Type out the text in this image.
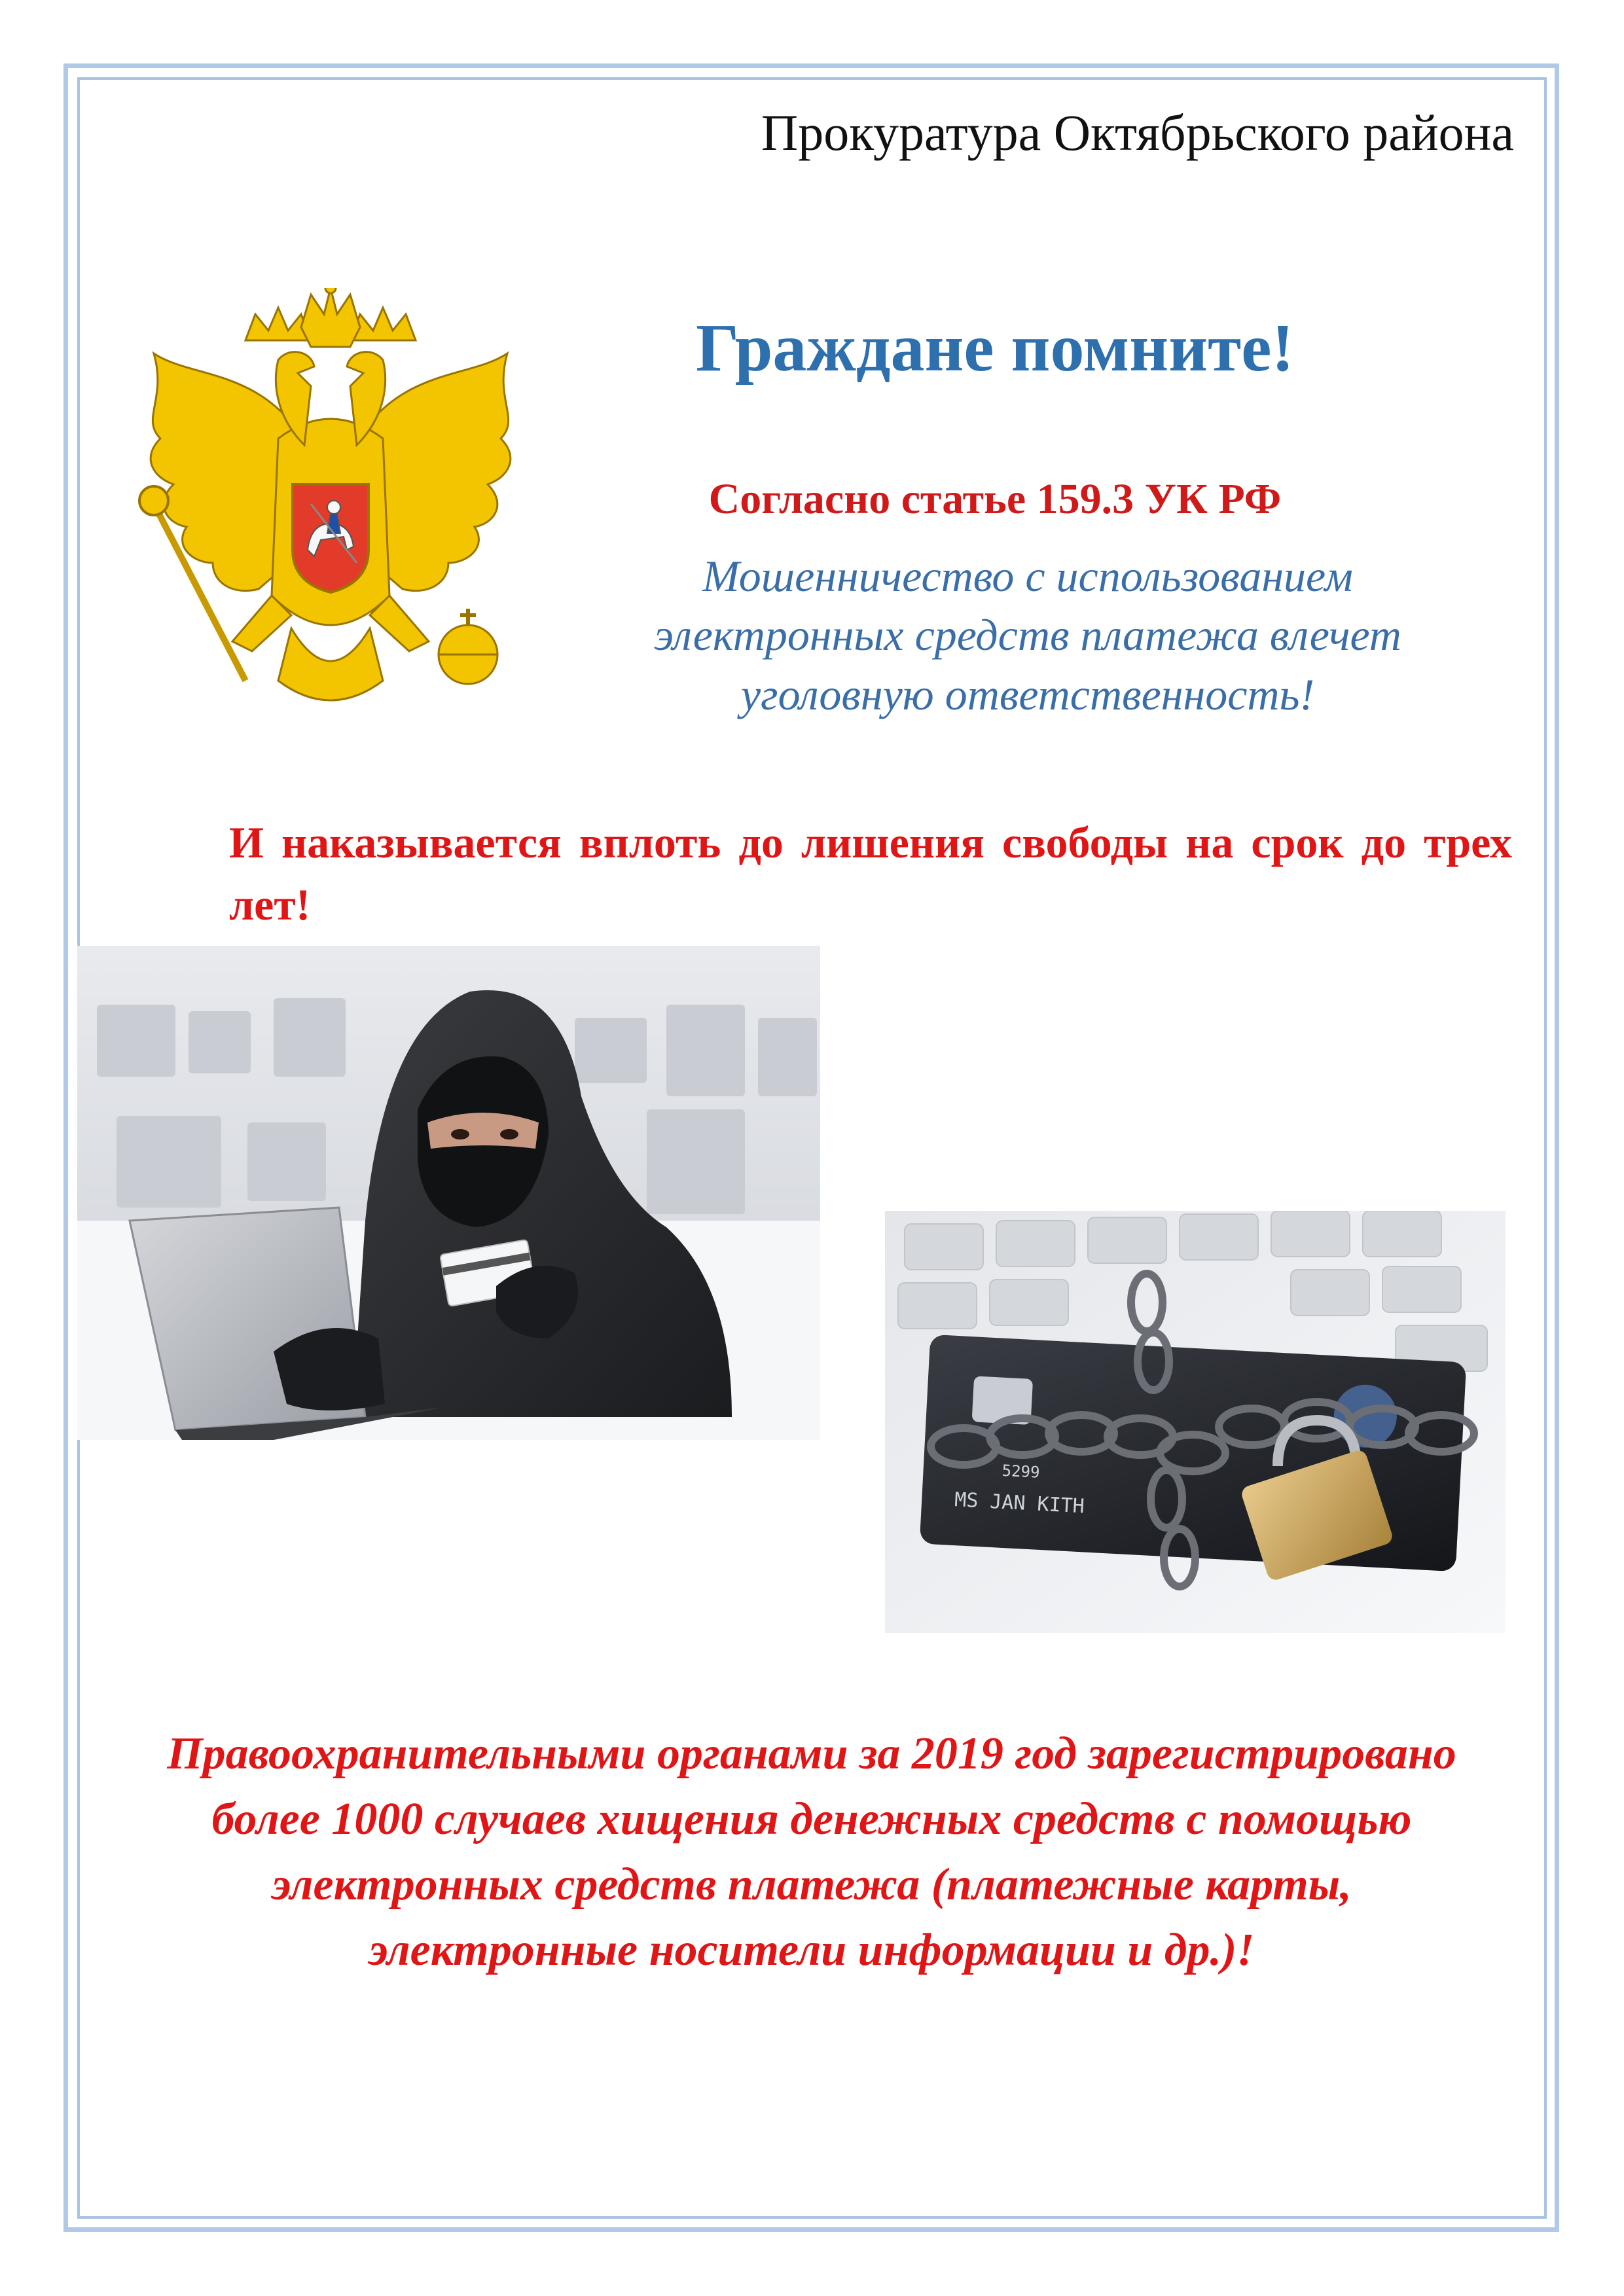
Прокуратура Октябрьского района
Граждане помните!
Согласно статье 159.3 УК РФ
Мошенничество с использованием
электронных средств платежа влечет
уголовную ответственность!
И наказывается вплоть до лишения свободы на срок до трех лет!
5299
MS JAN KITH
Правоохранительными органами за 2019 год зарегистрировано
более 1000 случаев хищения денежных средств с помощью
электронных средств платежа (платежные карты,
электронные носители информации и др.)!
